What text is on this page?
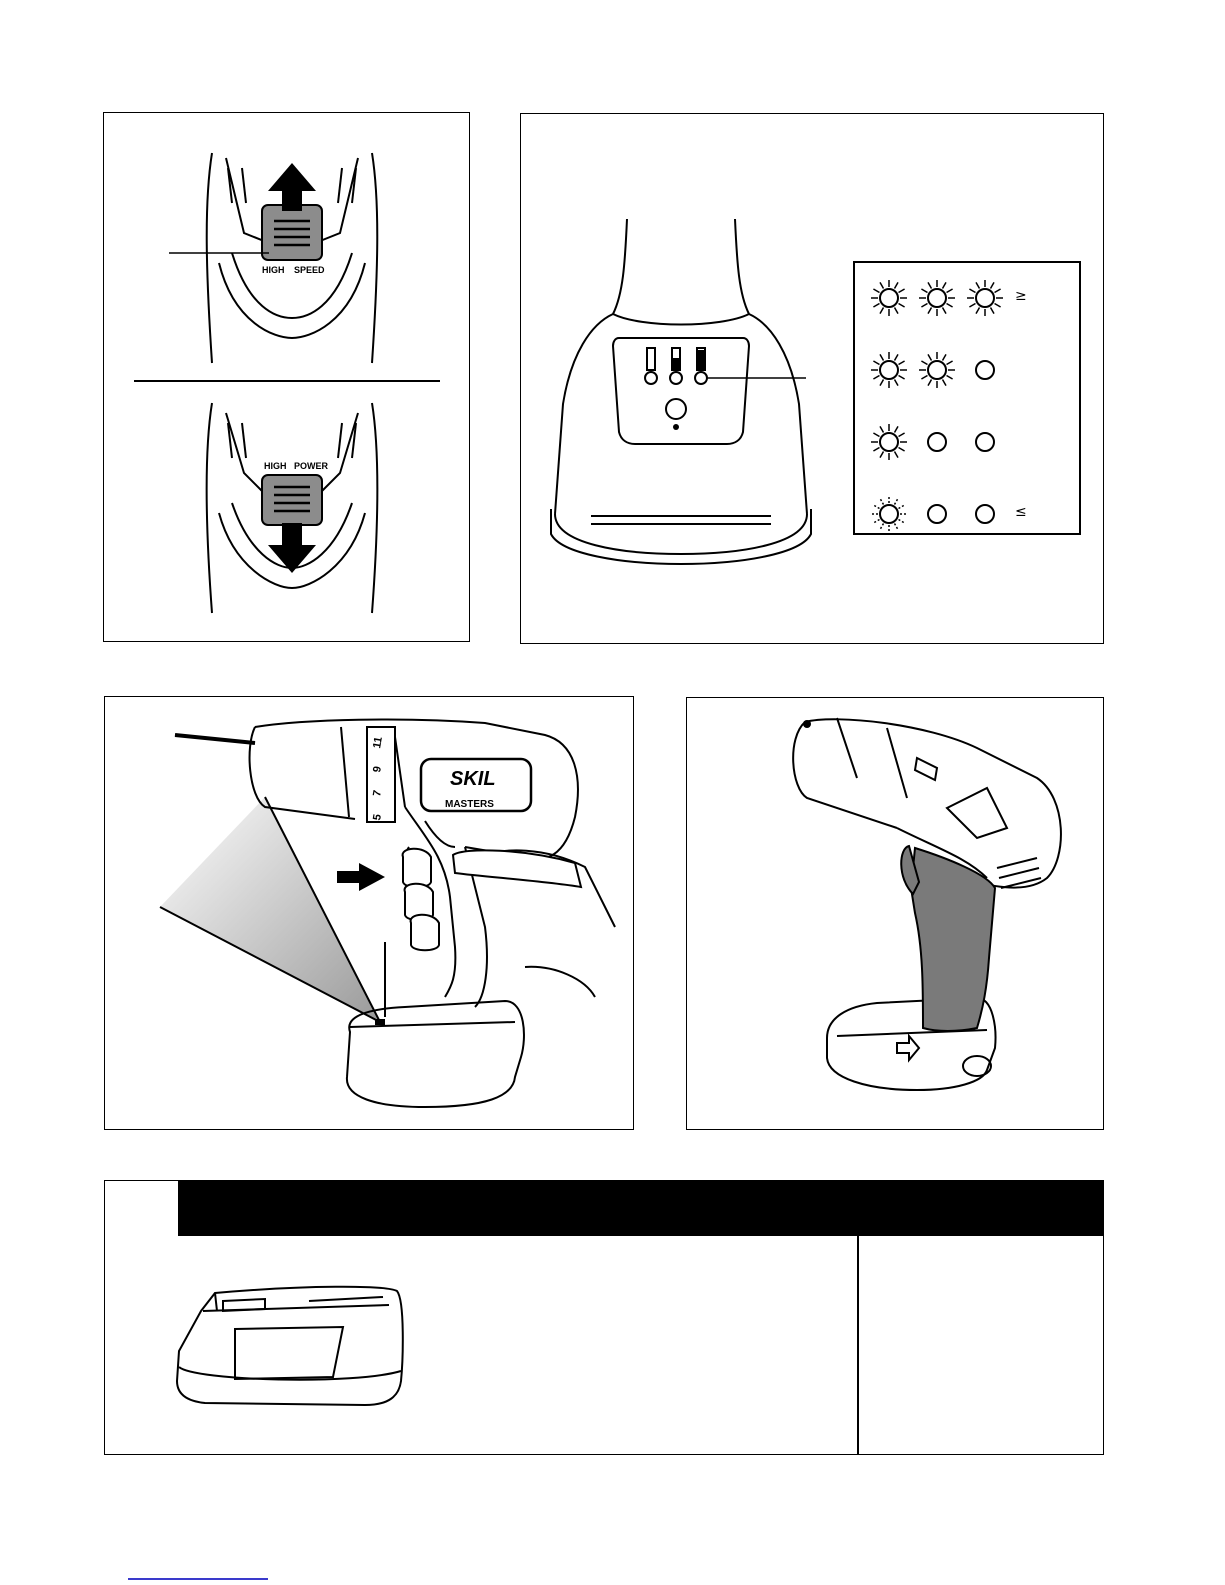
HIGH SPEED
HIGH POWER
≥
≤
SKIL
MASTERS
5
7
9
11
